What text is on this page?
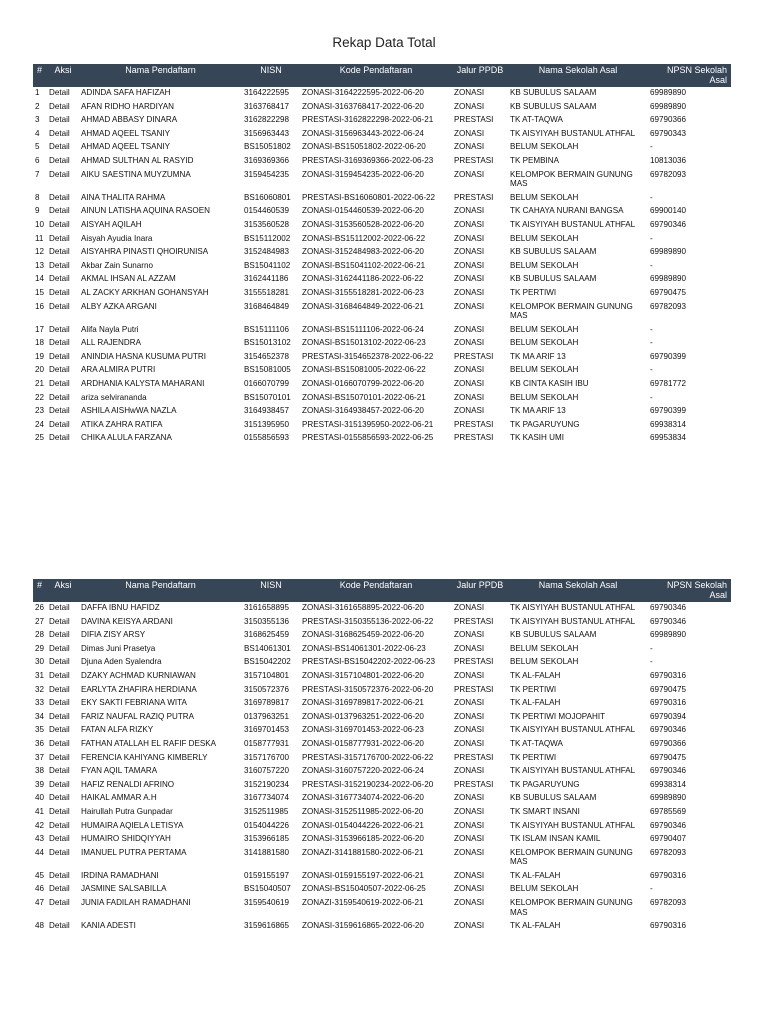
Rekap Data Total
#	Aksi	Nama Pendaftarn	NISN	Kode Pendaftaran	Jalur PPDB	Nama Sekolah Asal	NPSN Sekolah Asal
1	Detail	ADINDA SAFA HAFIZAH	3164222595	ZONASI-3164222595-2022-06-20	ZONASI	KB SUBULUS SALAAM	69989890
2	Detail	AFAN RIDHO HARDIYAN	3163768417	ZONASI-3163768417-2022-06-20	ZONASI	KB SUBULUS SALAAM	69989890
3	Detail	AHMAD ABBASY DINARA	3162822298	PRESTASI-3162822298-2022-06-21	PRESTASI	TK AT-TAQWA	69790366
4	Detail	AHMAD AQEEL TSANIY	3156963443	ZONASI-3156963443-2022-06-24	ZONASI	TK AISYIYAH BUSTANUL ATHFAL	69790343
5	Detail	AHMAD AQEEL TSANIY	BS15051802	ZONASI-BS15051802-2022-06-20	ZONASI	BELUM SEKOLAH	-
6	Detail	AHMAD SULTHAN AL RASYID	3169369366	PRESTASI-3169369366-2022-06-23	PRESTASI	TK PEMBINA	10813036
7	Detail	AIKU SAESTINA MUYZUMNA	3159454235	ZONASI-3159454235-2022-06-20	ZONASI	KELOMPOK BERMAIN GUNUNG MAS	69782093
8	Detail	AINA THALITA RAHMA	BS16060801	PRESTASI-BS16060801-2022-06-22	PRESTASI	BELUM SEKOLAH	-
9	Detail	AINUN LATISHA AQUINA RASOEN	0154460539	ZONASI-0154460539-2022-06-20	ZONASI	TK CAHAYA NURANI BANGSA	69900140
10	Detail	AISYAH AQILAH	3153560528	ZONASI-3153560528-2022-06-20	ZONASI	TK AISYIYAH BUSTANUL ATHFAL	69790346
11	Detail	Aisyah Ayudia Inara	BS15112002	ZONASI-BS15112002-2022-06-22	ZONASI	BELUM SEKOLAH	-
12	Detail	AISYAHRA PINASTI QHOIRUNISA	3152484983	ZONASI-3152484983-2022-06-20	ZONASI	KB SUBULUS SALAAM	69989890
13	Detail	Akbar Zain Sunarno	BS15041102	ZONASI-BS15041102-2022-06-21	ZONASI	BELUM SEKOLAH	-
14	Detail	AKMAL IHSAN AL AZZAM	3162441186	ZONASI-3162441186-2022-06-22	ZONASI	KB SUBULUS SALAAM	69989890
15	Detail	AL ZACKY ARKHAN GOHANSYAH	3155518281	ZONASI-3155518281-2022-06-23	ZONASI	TK PERTIWI	69790475
16	Detail	ALBY AZKA ARGANI	3168464849	ZONASI-3168464849-2022-06-21	ZONASI	KELOMPOK BERMAIN GUNUNG MAS	69782093
17	Detail	Alifa Nayla Putri	BS15111106	ZONASI-BS15111106-2022-06-24	ZONASI	BELUM SEKOLAH	-
18	Detail	ALL RAJENDRA	BS15013102	ZONASI-BS15013102-2022-06-23	ZONASI	BELUM SEKOLAH	-
19	Detail	ANINDIA HASNA KUSUMA PUTRI	3154652378	PRESTASI-3154652378-2022-06-22	PRESTASI	TK MA ARIF 13	69790399
20	Detail	ARA ALMIRA PUTRI	BS15081005	ZONASI-BS15081005-2022-06-22	ZONASI	BELUM SEKOLAH	-
21	Detail	ARDHANIA KALYSTA MAHARANI	0166070799	ZONASI-0166070799-2022-06-20	ZONASI	KB CINTA KASIH IBU	69781772
22	Detail	ariza selvirananda	BS15070101	ZONASI-BS15070101-2022-06-21	ZONASI	BELUM SEKOLAH	-
23	Detail	ASHILA AISHwWA NAZLA	3164938457	ZONASI-3164938457-2022-06-20	ZONASI	TK MA ARIF 13	69790399
24	Detail	ATIKA ZAHRA RATIFA	3151395950	PRESTASI-3151395950-2022-06-21	PRESTASI	TK PAGARUYUNG	69938314
25	Detail	CHIKA ALULA FARZANA	0155856593	PRESTASI-0155856593-2022-06-25	PRESTASI	TK KASIH UMI	69953834
#	Aksi	Nama Pendaftarn	NISN	Kode Pendaftaran	Jalur PPDB	Nama Sekolah Asal	NPSN Sekolah Asal
26	Detail	DAFFA IBNU HAFIDZ	3161658895	ZONASI-3161658895-2022-06-20	ZONASI	TK AISYIYAH BUSTANUL ATHFAL	69790346
27	Detail	DAVINA KEISYA ARDANI	3150355136	PRESTASI-3150355136-2022-06-22	PRESTASI	TK AISYIYAH BUSTANUL ATHFAL	69790346
28	Detail	DIFIA ZISY ARSY	3168625459	ZONASI-3168625459-2022-06-20	ZONASI	KB SUBULUS SALAAM	69989890
29	Detail	Dimas Juni Prasetya	BS14061301	ZONASI-BS14061301-2022-06-23	ZONASI	BELUM SEKOLAH	-
30	Detail	Djuna Aden Syalendra	BS15042202	PRESTASI-BS15042202-2022-06-23	PRESTASI	BELUM SEKOLAH	-
31	Detail	DZAKY ACHMAD KURNIAWAN	3157104801	ZONASI-3157104801-2022-06-20	ZONASI	TK AL-FALAH	69790316
32	Detail	EARLYTA ZHAFIRA HERDIANA	3150572376	PRESTASI-3150572376-2022-06-20	PRESTASI	TK PERTIWI	69790475
33	Detail	EKY SAKTI FEBRIANA WITA	3169789817	ZONASI-3169789817-2022-06-21	ZONASI	TK AL-FALAH	69790316
34	Detail	FARIZ NAUFAL RAZIQ PUTRA	0137963251	ZONASI-0137963251-2022-06-20	ZONASI	TK PERTIWI MOJOPAHIT	69790394
35	Detail	FATAN ALFA RIZKY	3169701453	ZONASI-3169701453-2022-06-23	ZONASI	TK AISYIYAH BUSTANUL ATHFAL	69790346
36	Detail	FATHAN ATALLAH EL RAFIF DESKA	0158777931	ZONASI-0158777931-2022-06-20	ZONASI	TK AT-TAQWA	69790366
37	Detail	FERENCIA KAHIYANG KIMBERLY	3157176700	PRESTASI-3157176700-2022-06-22	PRESTASI	TK PERTIWI	69790475
38	Detail	FYAN AQIL TAMARA	3160757220	ZONASI-3160757220-2022-06-24	ZONASI	TK AISYIYAH BUSTANUL ATHFAL	69790346
39	Detail	HAFIZ RENALDI AFRINO	3152190234	PRESTASI-3152190234-2022-06-20	PRESTASI	TK PAGARUYUNG	69938314
40	Detail	HAIKAL AMMAR A.H	3167734074	ZONASI-3167734074-2022-06-20	ZONASI	KB SUBULUS SALAAM	69989890
41	Detail	Hairullah Putra Gunpadar	3152511985	ZONASI-3152511985-2022-06-20	ZONASI	TK SMART INSANI	69785569
42	Detail	HUMAIRA AQIELA LETISYA	0154044226	ZONASI-0154044226-2022-06-21	ZONASI	TK AISYIYAH BUSTANUL ATHFAL	69790346
43	Detail	HUMAIRO SHIDQIYYAH	3153966185	ZONASI-3153966185-2022-06-20	ZONASI	TK ISLAM INSAN KAMIL	69790407
44	Detail	IMANUEL PUTRA PERTAMA	3141881580	ZONAZI-3141881580-2022-06-21	ZONASI	KELOMPOK BERMAIN GUNUNG MAS	69782093
45	Detail	IRDINA RAMADHANI	0159155197	ZONASI-0159155197-2022-06-21	ZONASI	TK AL-FALAH	69790316
46	Detail	JASMINE SALSABILLA	BS15040507	ZONASI-BS15040507-2022-06-25	ZONASI	BELUM SEKOLAH	-
47	Detail	JUNIA FADILAH RAMADHANI	3159540619	ZONAZI-3159540619-2022-06-21	ZONASI	KELOMPOK BERMAIN GUNUNG MAS	69782093
48	Detail	KANIA ADESTI	3159616865	ZONASI-3159616865-2022-06-20	ZONASI	TK AL-FALAH	69790316
